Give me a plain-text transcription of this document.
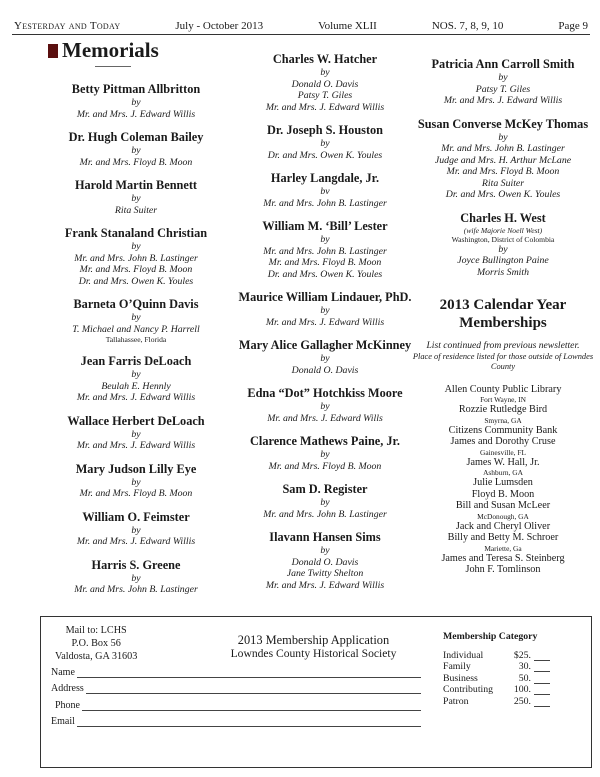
Yesterday and Today	July - October 2013	Volume XLII	NOS. 7, 8, 9, 10	Page 9
Memorials
Betty Pittman Allbritton
by
Mr. and Mrs. J. Edward Willis
Dr. Hugh Coleman Bailey
by
Mr. and Mrs. Floyd B. Moon
Harold Martin Bennett
by
Rita Suiter
Frank Stanaland Christian
by
Mr. and Mrs. John B. Lastinger
Mr. and Mrs. Floyd B. Moon
Dr. and Mrs. Owen K. Youles
Barneta O’Quinn Davis
by
T. Michael and Nancy P. Harrell
Tallahassee, Florida
Jean Farris DeLoach
by
Beulah E. Hennly
Mr. and Mrs. J. Edward Willis
Wallace Herbert DeLoach
by
Mr. and Mrs. J. Edward Willis
Mary Judson Lilly Eye
by
Mr. and Mrs. Floyd B. Moon
William O. Feimster
by
Mr. and Mrs. J. Edward Willis
Harris S. Greene
by
Mr. and Mrs. John B. Lastinger
Charles W. Hatcher
by
Donald O. Davis
Patsy T. Giles
Mr. and Mrs. J. Edward Willis
Dr. Joseph S. Houston
by
Dr. and Mrs. Owen K. Youles
Harley Langdale, Jr.
bv
Mr. and Mrs. John B. Lastinger
William M. ‘Bill’ Lester
by
Mr. and Mrs. John B. Lastinger
Mr. and Mrs. Floyd B. Moon
Dr. and Mrs. Owen K. Youles
Maurice William Lindauer, PhD.
by
Mr. and Mrs. J. Edward Willis
Mary Alice Gallagher McKinney
by
Donald O. Davis
Edna “Dot” Hotchkiss Moore
by
Mr. and Mrs. J. Edward Wills
Clarence Mathews Paine, Jr.
by
Mr. and Mrs. Floyd B. Moon
Sam D. Register
by
Mr. and Mrs. John B. Lastinger
Ilavann Hansen Sims
by
Donald O. Davis
Jane Twitty Shelton
Mr. and Mrs. J. Edward Willis
Patricia Ann Carroll Smith
by
Patsy T. Giles
Mr. and Mrs. J. Edward Willis
Susan Converse McKey Thomas
by
Mr. and Mrs. John B. Lastinger
Judge and Mrs. H. Arthur McLane
Mr. and Mrs. Floyd B. Moon
Rita Suiter
Dr. and Mrs. Owen K. Youles
Charles H. West
(wife Majorie Noell West)
Washington, District of Colombia
by
Joyce Bullington Paine
Morris Smith
2013 Calendar Year Memberships
List continued from previous newsletter.
Place of residence listed for those outside of Lowndes County
Allen County Public Library
Fort Wayne, IN
Rozzie Rutledge Bird
Smyrna, GA
Citizens Community Bank
James and Dorothy Cruse
Gainesville, FL
James W. Hall, Jr.
Ashburn, GA
Julie Lumsden
Floyd B. Moon
Bill and Susan McLeer
McDonough, GA
Jack and Cheryl Oliver
Billy and Betty M. Schroer
Mariette, Ga
James and Teresa S. Steinberg
John F. Tomlinson
Mail to: LCHS
P.O. Box 56
Valdosta, GA 31603
2013 Membership Application
Lowndes County Historical Society
Name
Address
Phone
Email
Membership Category
Individual	$25.
Family	30.
Business	50.
Contributing	100.
Patron	250.
